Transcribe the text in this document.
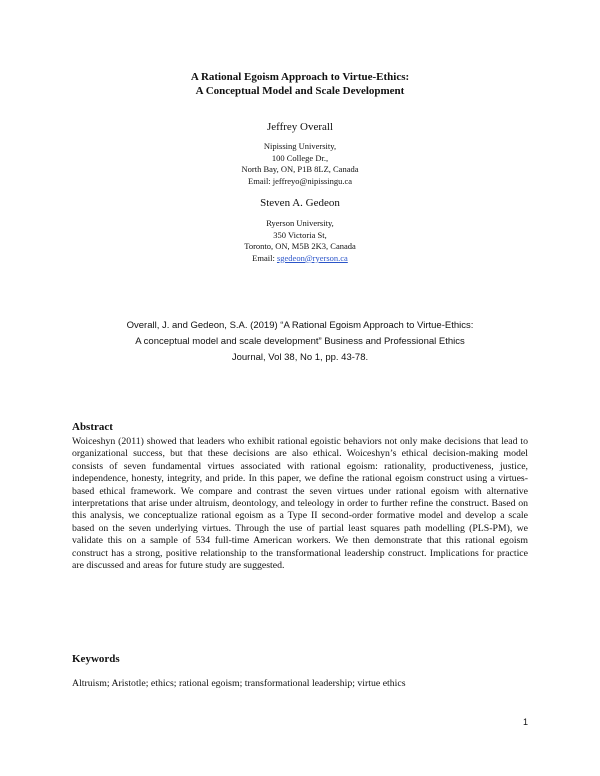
A Rational Egoism Approach to Virtue-Ethics:
A Conceptual Model and Scale Development
Jeffrey Overall
Nipissing University,
100 College Dr.,
North Bay, ON, P1B 8LZ, Canada
Email: jeffreyo@nipissingu.ca
Steven A. Gedeon
Ryerson University,
350 Victoria St,
Toronto, ON, M5B 2K3, Canada
Email: sgedeon@ryerson.ca
Overall, J. and Gedeon, S.A. (2019) “A Rational Egoism Approach to Virtue-Ethics:
A conceptual model and scale development” Business and Professional Ethics
Journal, Vol 38, No 1, pp. 43-78.
Abstract
Woiceshyn (2011) showed that leaders who exhibit rational egoistic behaviors not only make decisions that lead to organizational success, but that these decisions are also ethical. Woiceshyn’s ethical decision-making model consists of seven fundamental virtues associated with rational egoism: rationality, productiveness, justice, independence, honesty, integrity, and pride. In this paper, we define the rational egoism construct using a virtues-based ethical framework. We compare and contrast the seven virtues under rational egoism with alternative interpretations that arise under altruism, deontology, and teleology in order to further refine the construct. Based on this analysis, we conceptualize rational egoism as a Type II second-order formative model and develop a scale based on the seven underlying virtues. Through the use of partial least squares path modelling (PLS-PM), we validate this on a sample of 534 full-time American workers. We then demonstrate that this rational egoism construct has a strong, positive relationship to the transformational leadership construct. Implications for practice are discussed and areas for future study are suggested.
Keywords
Altruism; Aristotle; ethics; rational egoism; transformational leadership; virtue ethics
1
